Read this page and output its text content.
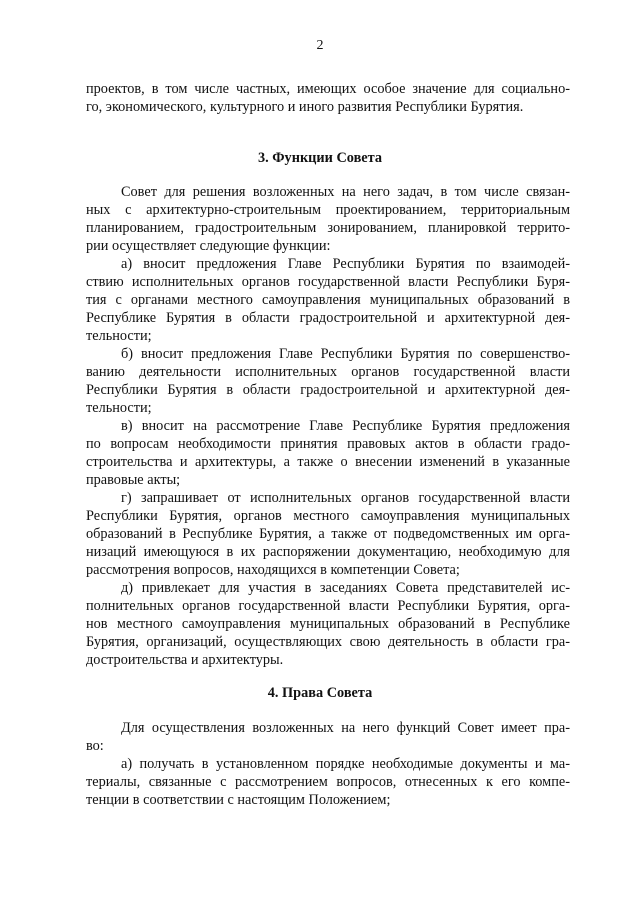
2
проектов, в том числе частных, имеющих особое значение для социально-
го, экономического, культурного и иного развития Республики Бурятия.
3. Функции Совета
Совет для решения возложенных на него задач, в том числе связан-
ных с архитектурно-строительным проектированием, территориальным
планированием, градостроительным зонированием, планировкой террито-
рии осуществляет следующие функции:
а) вносит предложения Главе Республики Бурятия по взаимодей-
ствию исполнительных органов государственной власти Республики Буря-
тия с органами местного самоуправления муниципальных образований в
Республике Бурятия в области градостроительной и архитектурной дея-
тельности;
б) вносит предложения Главе Республики Бурятия по совершенство-
ванию деятельности исполнительных органов государственной власти
Республики Бурятия в области градостроительной и архитектурной дея-
тельности;
в) вносит на рассмотрение Главе Республике Бурятия предложения
по вопросам необходимости принятия правовых актов в области градо-
строительства и архитектуры, а также о внесении изменений в указанные
правовые акты;
г) запрашивает от исполнительных органов государственной власти
Республики Бурятия, органов местного самоуправления муниципальных
образований в Республике Бурятия, а также от подведомственных им орга-
низаций имеющуюся в их распоряжении документацию, необходимую для
рассмотрения вопросов, находящихся в компетенции Совета;
д) привлекает для участия в заседаниях Совета представителей ис-
полнительных органов государственной власти Республики Бурятия, орга-
нов местного самоуправления муниципальных образований в Республике
Бурятия, организаций, осуществляющих свою деятельность в области гра-
достроительства и архитектуры.
4. Права Совета
Для осуществления возложенных на него функций Совет имеет пра-
во:
а) получать в установленном порядке необходимые документы и ма-
териалы, связанные с рассмотрением вопросов, отнесенных к его компе-
тенции в соответствии с настоящим Положением;
